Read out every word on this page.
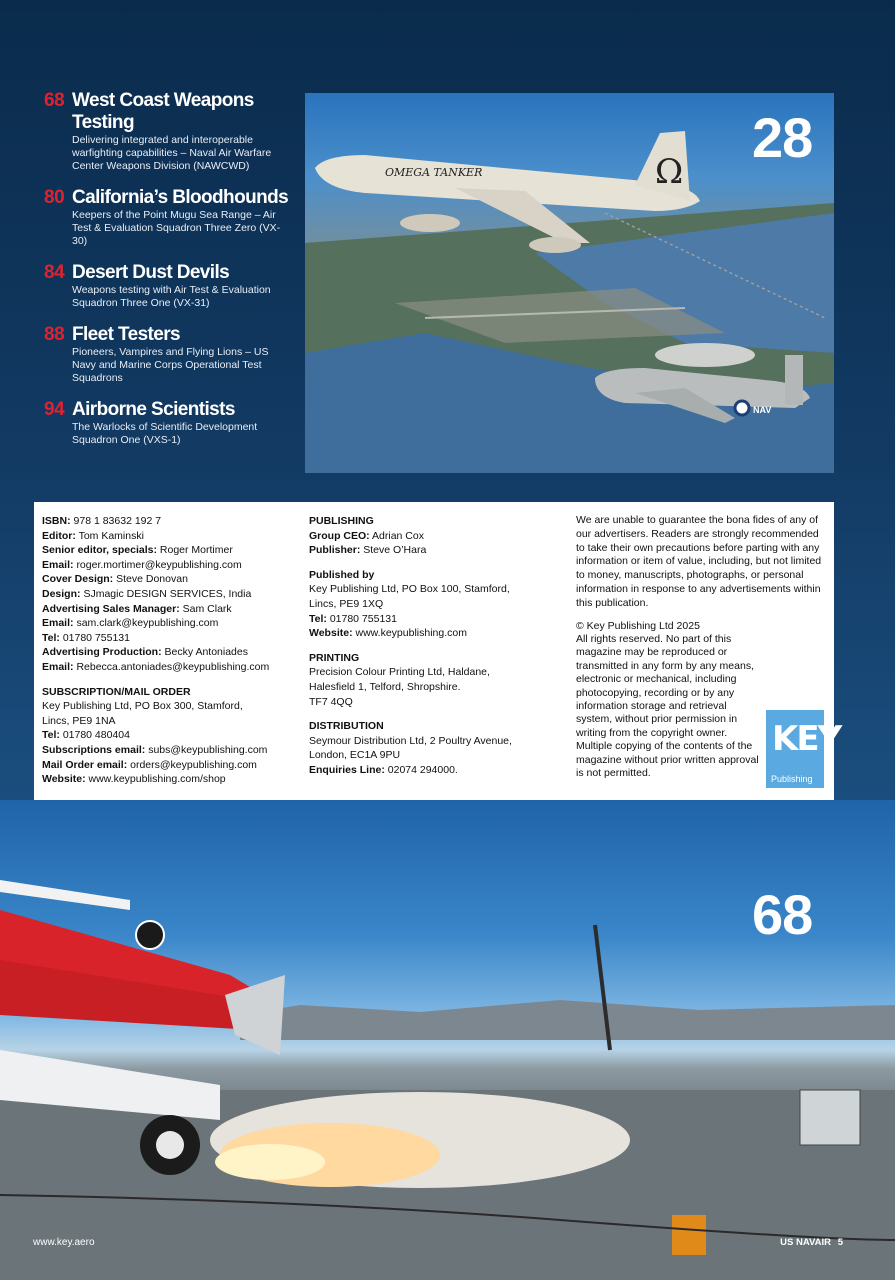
68 West Coast Weapons Testing
Delivering integrated and interoperable warfighting capabilities – Naval Air Warfare Center Weapons Division (NAWCWD)
80 California’s Bloodhounds
Keepers of the Point Mugu Sea Range – Air Test & Evaluation Squadron Three Zero (VX-30)
84 Desert Dust Devils
Weapons testing with Air Test & Evaluation Squadron Three One (VX-31)
88 Fleet Testers
Pioneers, Vampires and Flying Lions – US Navy and Marine Corps Operational Test Squadrons
94 Airborne Scientists
The Warlocks of Scientific Development Squadron One (VXS-1)
OMEGA TANKER	Ω
NAV
28
ISBN: 978 1 83632 192 7
Editor: Tom Kaminski
Senior editor, specials: Roger Mortimer
Email: roger.mortimer@keypublishing.com
Cover Design: Steve Donovan
Design: SJmagic DESIGN SERVICES, India
Advertising Sales Manager: Sam Clark
Email: sam.clark@keypublishing.com
Tel: 01780 755131
Advertising Production: Becky Antoniades
Email: Rebecca.antoniades@keypublishing.com
SUBSCRIPTION/MAIL ORDER
Key Publishing Ltd, PO Box 300, Stamford,
Lincs, PE9 1NA
Tel: 01780 480404
Subscriptions email: subs@keypublishing.com
Mail Order email: orders@keypublishing.com
Website: www.keypublishing.com/shop
PUBLISHING
Group CEO: Adrian Cox
Publisher: Steve O’Hara
Published by
Key Publishing Ltd, PO Box 100, Stamford,
Lincs, PE9 1XQ
Tel: 01780 755131
Website: www.keypublishing.com
PRINTING
Precision Colour Printing Ltd, Haldane,
Halesfield 1, Telford, Shropshire.
TF7 4QQ
DISTRIBUTION
Seymour Distribution Ltd, 2 Poultry Avenue,
London, EC1A 9PU
Enquiries Line: 02074 294000.
We are unable to guarantee the bona fides of any of our advertisers. Readers are strongly recommended to take their own precautions before parting with any information or item of value, including, but not limited to money, manuscripts, photographs, or personal information in response to any advertisements within this publication.
© Key Publishing Ltd 2025
All rights reserved. No part of this magazine may be reproduced or transmitted in any form by any means, electronic or mechanical, including photocopying, recording or by any information storage and retrieval system, without prior permission in writing from the copyright owner. Multiple copying of the contents of the magazine without prior written approval is not permitted.
KEY
Publishing
68
www.key.aero	US NAVAIR 5
